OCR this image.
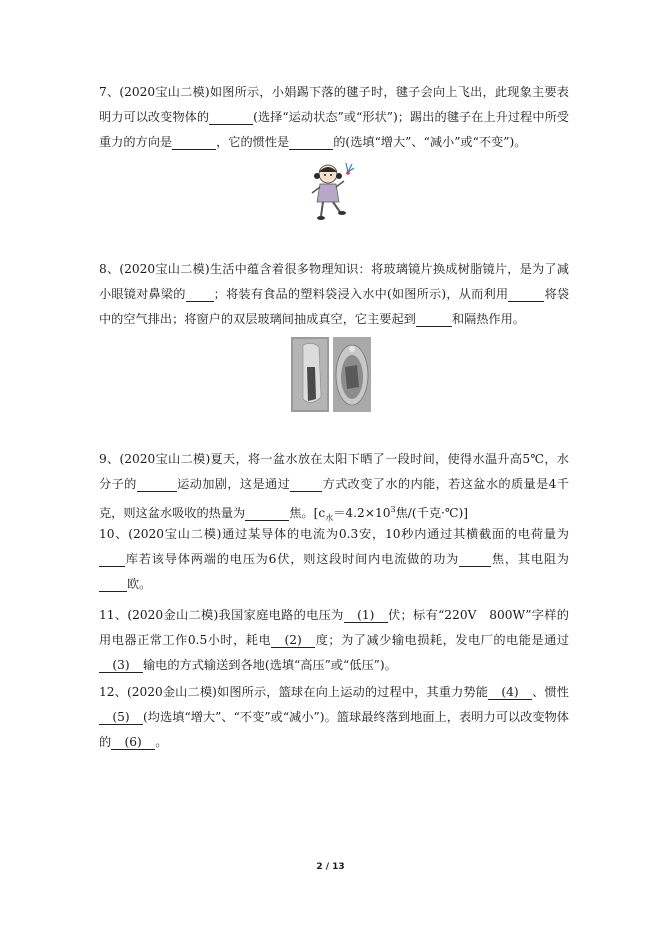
7、(2020宝山二模)如图所示，小娟踢下落的毽子时，毽子会向上飞出，此现象主要表明力可以改变物体的	(选择“运动状态”或“形状”)；踢出的毽子在上升过程中所受重力的方向是	，它的惯性是	的(选填“增大”、“减小”或“不变”)。

8、(2020宝山二模)生活中蕴含着很多物理知识：将玻璃镜片换成树脂镜片，是为了减小眼镜对鼻梁的 ；将装有食品的塑料袋浸入水中(如图所示)，从而利用	将袋中的空气排出；将窗户的双层玻璃间抽成真空，它主要起到	和隔热作用。

9、(2020宝山二模)夏天，将一盆水放在太阳下晒了一段时间，使得水温升高5℃，水分子的	运动加剧，这是通过	方式改变了水的内能，若这盆水的质量是4千克，则这盆水吸收的热量为	焦。[$c_水=4.2\times 10^3$焦/(千克·℃)]

10、(2020宝山二模)通过某导体的电流为0.3安，10秒内通过其横截面的电荷量为 库若该导体两端的电压为6伏，则这段时间内电流做的功为	焦，其电阻为 欧。

11、(2020金山二模)我国家庭电路的电压为 (1) 伏；标有“220V　800W”字样的用电器正常工作0.5小时，耗电 (2) 度；为了减少输电损耗，发电厂的电能是通过(3) 输电的方式输送到各地(选填“高压”或“低压”)。

12、(2020金山二模)如图所示，篮球在向上运动的过程中，其重力势能 (4) 、惯性(5) (均选填“增大”、“不变”或“减小”)。篮球最终落到地面上，表明力可以改变物体的 (6) 。

2 / 13
